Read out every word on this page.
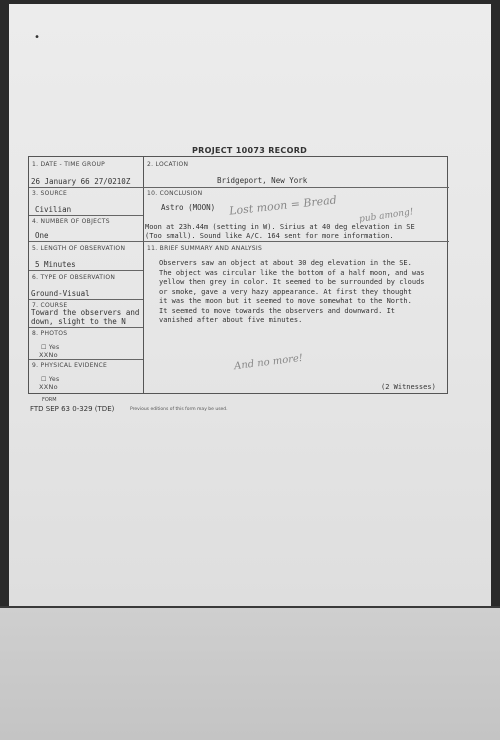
•
PROJECT 10073 RECORD
1. DATE - TIME GROUP
26 January 66 27/0210Z
2. LOCATION
Bridgeport, New York
3. SOURCE
Civilian
4. NUMBER OF OBJECTS
One
5. LENGTH OF OBSERVATION
5 Minutes
6. TYPE OF OBSERVATION
Ground-Visual
7. COURSE
Toward the observers and
down, slight to the N
8. PHOTOS
☐ Yes
XXNo
9. PHYSICAL EVIDENCE
☐ Yes
XXNo
10. CONCLUSION
Astro (MOON)
Moon at 23h.44m (setting in W). Sirius at 40 deg elevation in SE
(Too small). Sound like A/C. 164 sent for more information.
11. BRIEF SUMMARY AND ANALYSIS
Observers saw an object at about 30 deg elevation in the SE.
The object was circular like the bottom of a half moon, and was
yellow then grey in color. It seemed to be surrounded by clouds
or smoke, gave a very hazy appearance. At first they thought
it was the moon but it seemed to move somewhat to the North.
It seemed to move towards the observers and downward. It
vanished after about five minutes.
(2 Witnesses)
Lost moon = Bread pub among!
And no more!
FORM
FTD SEP 63 0-329 (TDE)	Previous editions of this form may be used.
